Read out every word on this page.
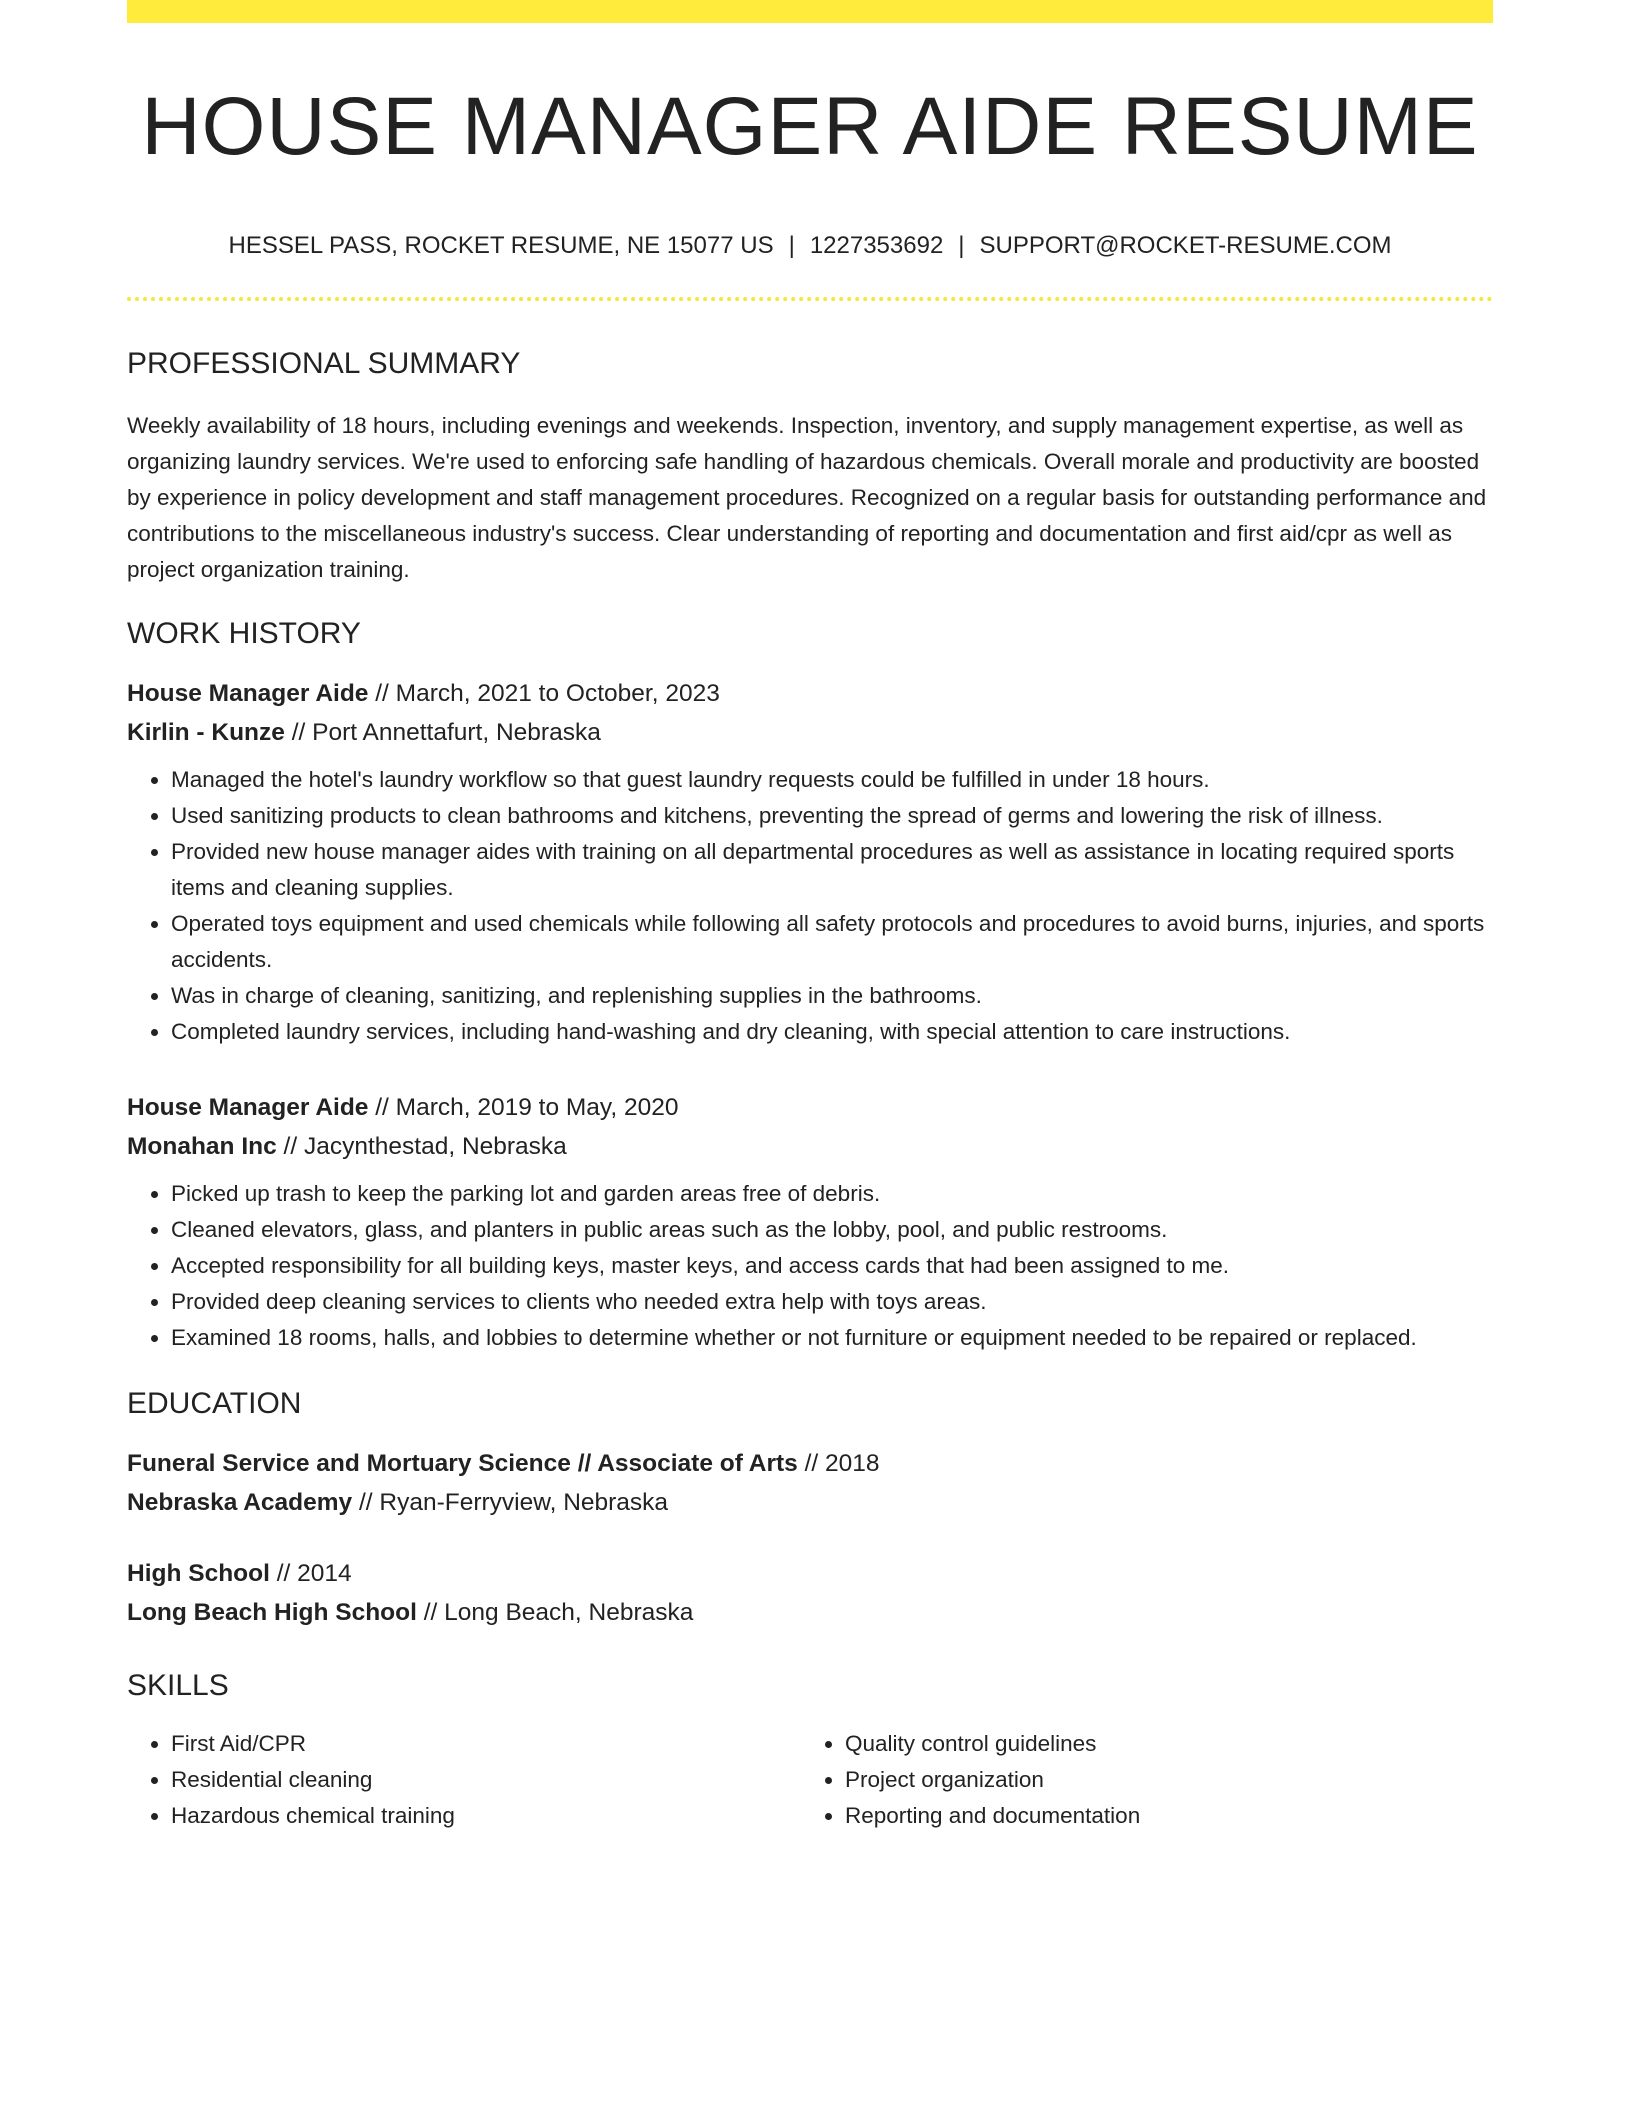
HOUSE MANAGER AIDE RESUME
HESSEL PASS, ROCKET RESUME, NE 15077 US | 1227353692 | SUPPORT@ROCKET-RESUME.COM
PROFESSIONAL SUMMARY

Weekly availability of 18 hours, including evenings and weekends. Inspection, inventory, and supply management expertise, as well as organizing laundry services. We're used to enforcing safe handling of hazardous chemicals. Overall morale and productivity are boosted by experience in policy development and staff management procedures. Recognized on a regular basis for outstanding performance and contributions to the miscellaneous industry's success. Clear understanding of reporting and documentation and first aid/cpr as well as project organization training.

WORK HISTORY
House Manager Aide // March, 2021 to October, 2023
Kirlin - Kunze // Port Annettafurt, Nebraska
• Managed the hotel's laundry workflow so that guest laundry requests could be fulfilled in under 18 hours.
• Used sanitizing products to clean bathrooms and kitchens, preventing the spread of germs and lowering the risk of illness.
• Provided new house manager aides with training on all departmental procedures as well as assistance in locating required sports items and cleaning supplies.
• Operated toys equipment and used chemicals while following all safety protocols and procedures to avoid burns, injuries, and sports accidents.
• Was in charge of cleaning, sanitizing, and replenishing supplies in the bathrooms.
• Completed laundry services, including hand-washing and dry cleaning, with special attention to care instructions.
House Manager Aide // March, 2019 to May, 2020
Monahan Inc // Jacynthestad, Nebraska
• Picked up trash to keep the parking lot and garden areas free of debris.
• Cleaned elevators, glass, and planters in public areas such as the lobby, pool, and public restrooms.
• Accepted responsibility for all building keys, master keys, and access cards that had been assigned to me.
• Provided deep cleaning services to clients who needed extra help with toys areas.
• Examined 18 rooms, halls, and lobbies to determine whether or not furniture or equipment needed to be repaired or replaced.
EDUCATION
Funeral Service and Mortuary Science // Associate of Arts // 2018
Nebraska Academy // Ryan-Ferryview, Nebraska
High School // 2014
Long Beach High School // Long Beach, Nebraska
SKILLS
• First Aid/CPR
• Residential cleaning
• Hazardous chemical training
• Quality control guidelines
• Project organization
• Reporting and documentation
